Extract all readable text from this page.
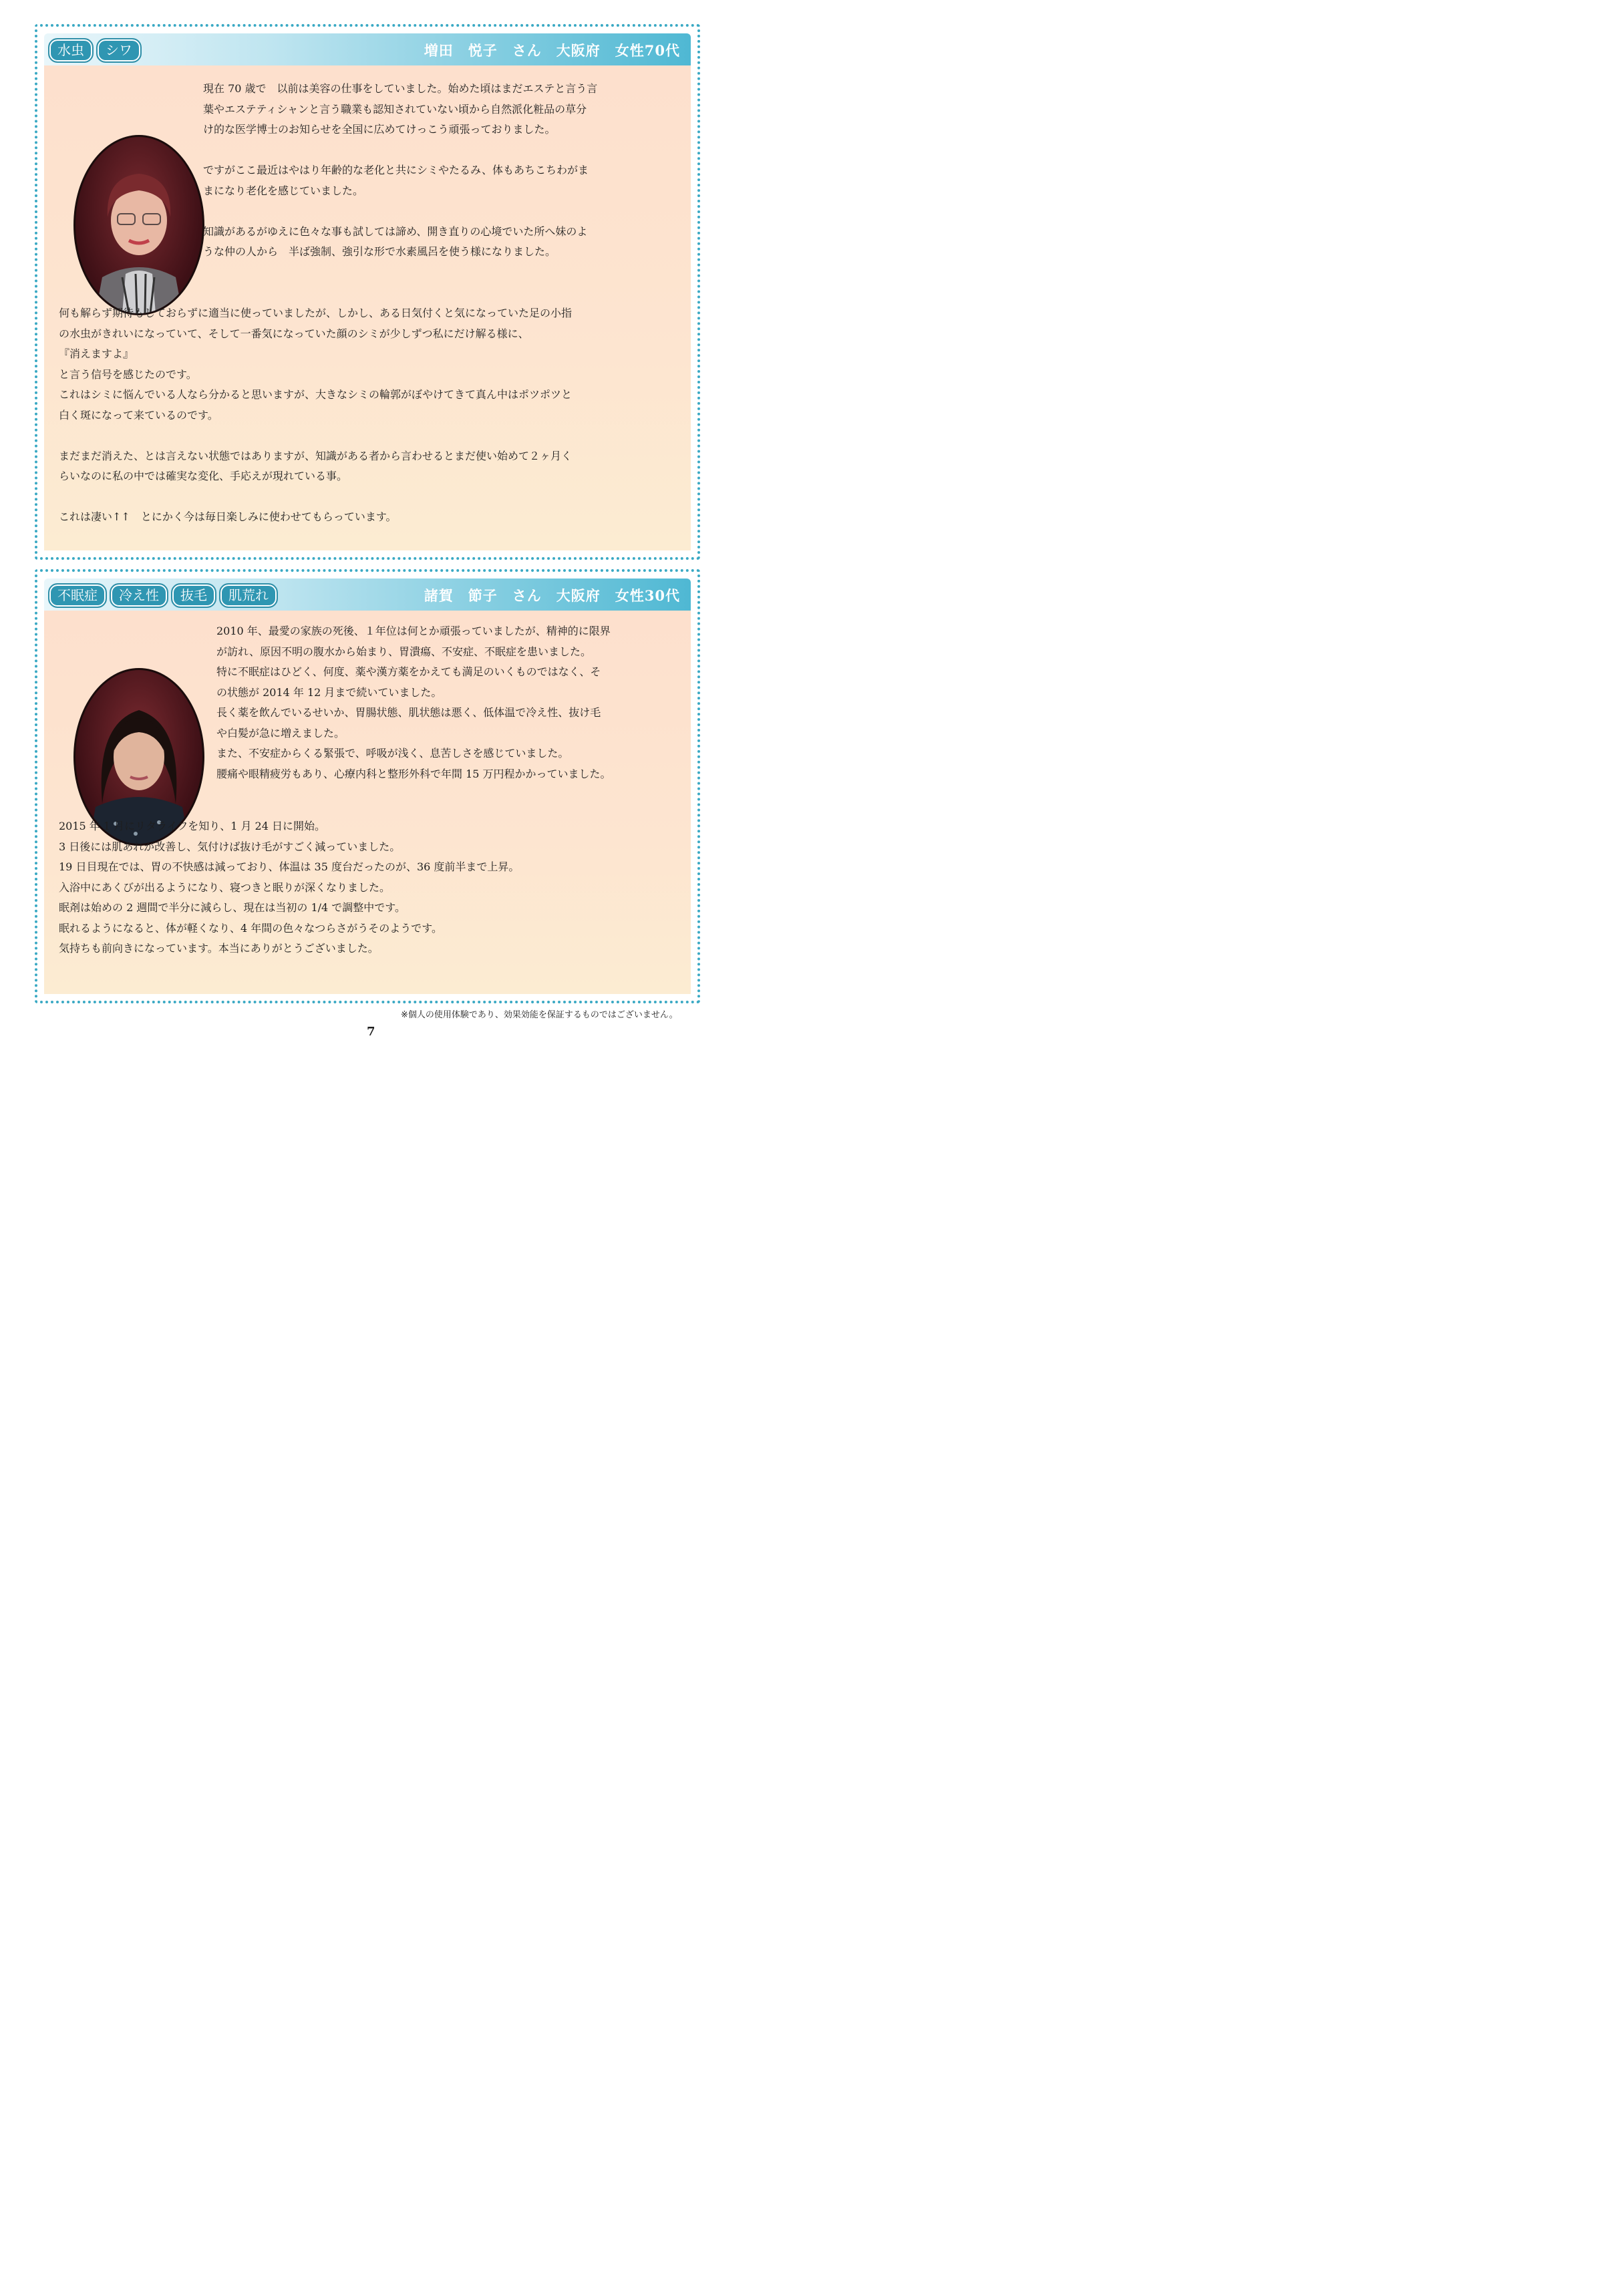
水虫	シワ	増田　悦子　さん　大阪府　女性70代

現在 70 歳で　以前は美容の仕事をしていました。始めた頃はまだエステと言う言

葉やエステティシャンと言う職業も認知されていない頃から自然派化粧品の草分

け的な医学博士のお知らせを全国に広めてけっこう頑張っておりました。

ですがここ最近はやはり年齢的な老化と共にシミやたるみ、体もあちこちわがま

まになり老化を感じていました。

知識があるがゆえに色々な事も試しては諦め、開き直りの心境でいた所へ妹のよ

うな仲の人から　半ば強制、強引な形で水素風呂を使う様になりました。

何も解らず期待もしておらずに適当に使っていましたが、しかし、ある日気付くと気になっていた足の小指

の水虫がきれいになっていて、そして一番気になっていた顔のシミが少しずつ私にだけ解る様に、

『消えますよ』

と言う信号を感じたのです。

これはシミに悩んでいる人なら分かると思いますが、大きなシミの輪郭がぼやけてきて真ん中はポツポツと

白く斑になって来ているのです。

まだまだ消えた、とは言えない状態ではありますが、知識がある者から言わせるとまだ使い始めて２ヶ月く

らいなのに私の中では確実な変化、手応えが現れている事。

これは凄い↑↑　とにかく今は毎日楽しみに使わせてもらっています。

不眠症	冷え性	抜毛	肌荒れ	諸賀　節子　さん　大阪府　女性30代

2010 年、最愛の家族の死後、１年位は何とか頑張っていましたが、精神的に限界

が訪れ、原因不明の腹水から始まり、胃潰瘍、不安症、不眠症を患いました。

特に不眠症はひどく、何度、薬や漢方薬をかえても満足のいくものではなく、そ

の状態が 2014 年 12 月まで続いていました。

長く薬を飲んでいるせいか、胃腸状態、肌状態は悪く、低体温で冷え性、抜け毛

や白髪が急に増えました。

また、不安症からくる緊張で、呼吸が浅く、息苦しさを感じていました。

腰痛や眼精疲労もあり、心療内科と整形外科で年間 15 万円程かかっていました。

2015 年 1 月にリタライフを知り、1 月 24 日に開始。

3 日後には肌あれが改善し、気付けば抜け毛がすごく減っていました。

19 日目現在では、胃の不快感は減っており、体温は 35 度台だったのが、36 度前半まで上昇。

入浴中にあくびが出るようになり、寝つきと眠りが深くなりました。

眠剤は始めの 2 週間で半分に減らし、現在は当初の 1/4 で調整中です。

眠れるようになると、体が軽くなり、4 年間の色々なつらさがうそのようです。

気持ちも前向きになっています。本当にありがとうございました。

※個人の使用体験であり、効果効能を保証するものではございません。
7
